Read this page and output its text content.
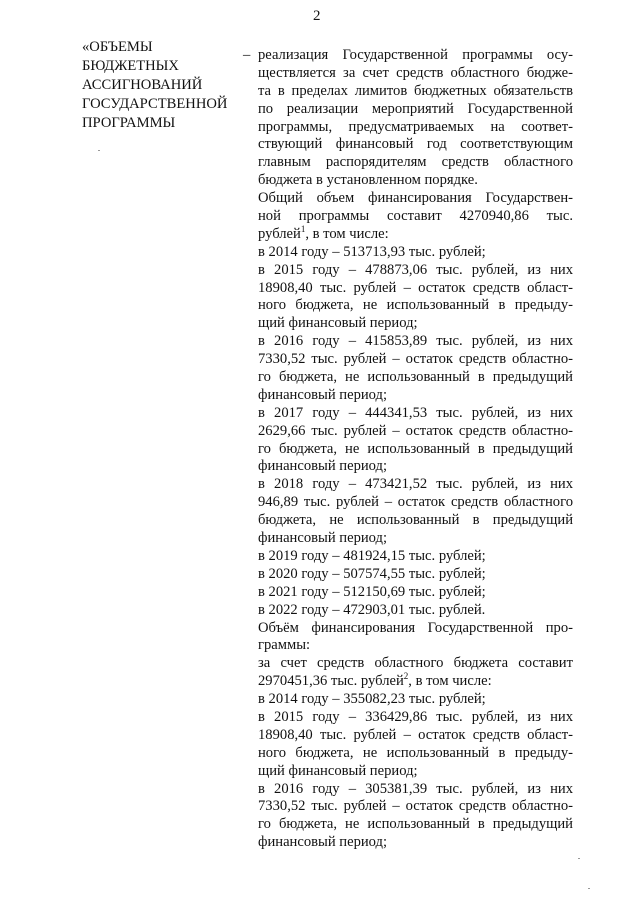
2
«ОБЪЕМЫ
БЮДЖЕТНЫХ
АССИГНОВАНИЙ
ГОСУДАРСТВЕННОЙ
ПРОГРАММЫ
– реализация Государственной программы осу-
ществляется за счет средств областного бюдже-
та в пределах лимитов бюджетных обязательств
по реализации мероприятий Государственной
программы, предусматриваемых на соответ-
ствующий финансовый год соответствующим
главным распорядителям средств областного
бюджета в установленном порядке.
Общий объем финансирования Государствен-
ной программы составит 4270940,86 тыс.
рублей$^1$, в том числе:
в 2014 году – 513713,93 тыс. рублей;
в 2015 году – 478873,06 тыс. рублей, из них
18908,40 тыс. рублей – остаток средств област-
ного бюджета, не использованный в предыду-
щий финансовый период;
в 2016 году – 415853,89 тыс. рублей, из них
7330,52 тыс. рублей – остаток средств областно-
го бюджета, не использованный в предыдущий
финансовый период;
в 2017 году – 444341,53 тыс. рублей, из них
2629,66 тыс. рублей – остаток средств областно-
го бюджета, не использованный в предыдущий
финансовый период;
в 2018 году – 473421,52 тыс. рублей, из них
946,89 тыс. рублей – остаток средств областного
бюджета, не использованный в предыдущий
финансовый период;
в 2019 году – 481924,15 тыс. рублей;
в 2020 году – 507574,55 тыс. рублей;
в 2021 году – 512150,69 тыс. рублей;
в 2022 году – 472903,01 тыс. рублей.
Объём финансирования Государственной про-
граммы:
за счет средств областного бюджета составит
2970451,36 тыс. рублей$^2$, в том числе:
в 2014 году – 355082,23 тыс. рублей;
в 2015 году – 336429,86 тыс. рублей, из них
18908,40 тыс. рублей – остаток средств област-
ного бюджета, не использованный в предыду-
щий финансовый период;
в 2016 году – 305381,39 тыс. рублей, из них
7330,52 тыс. рублей – остаток средств областно-
го бюджета, не использованный в предыдущий
финансовый период;
